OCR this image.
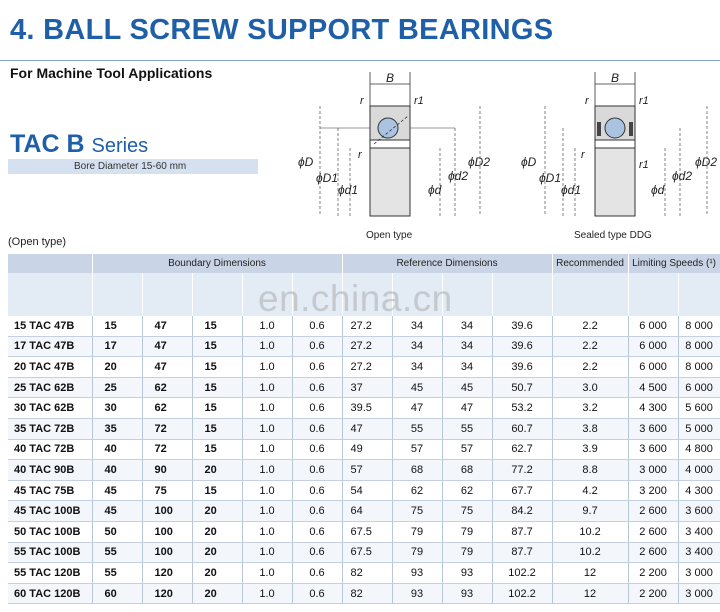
4. BALL SCREW SUPPORT BEARINGS
For Machine Tool Applications
TAC B Series
Bore Diameter 15-60 mm
(Open type)
B
r	r1
r
ϕD
ϕD1
ϕd1	ϕd
ϕd2
ϕD2
B
r	r1
r
r1
ϕD
ϕD1
ϕd1	ϕd
ϕd2
ϕD2
Open type	Sealed type DDG
	Boundary Dimensions					Reference Dimensions				Recommended	Limiting Speeds (¹)	

15 TAC 47B	15	47	15	1.0	0.6	27.2	34	34	39.6	2.2	6 000	8 000
17 TAC 47B	17	47	15	1.0	0.6	27.2	34	34	39.6	2.2	6 000	8 000
20 TAC 47B	20	47	15	1.0	0.6	27.2	34	34	39.6	2.2	6 000	8 000
25 TAC 62B	25	62	15	1.0	0.6	37	45	45	50.7	3.0	4 500	6 000
30 TAC 62B	30	62	15	1.0	0.6	39.5	47	47	53.2	3.2	4 300	5 600
35 TAC 72B	35	72	15	1.0	0.6	47	55	55	60.7	3.8	3 600	5 000
40 TAC 72B	40	72	15	1.0	0.6	49	57	57	62.7	3.9	3 600	4 800
40 TAC 90B	40	90	20	1.0	0.6	57	68	68	77.2	8.8	3 000	4 000
45 TAC 75B	45	75	15	1.0	0.6	54	62	62	67.7	4.2	3 200	4 300
45 TAC 100B	45	100	20	1.0	0.6	64	75	75	84.2	9.7	2 600	3 600
50 TAC 100B	50	100	20	1.0	0.6	67.5	79	79	87.7	10.2	2 600	3 400
55 TAC 100B	55	100	20	1.0	0.6	67.5	79	79	87.7	10.2	2 600	3 400
55 TAC 120B	55	120	20	1.0	0.6	82	93	93	102.2	12	2 200	3 000
60 TAC 120B	60	120	20	1.0	0.6	82	93	93	102.2	12	2 200	3 000
en.china.cn
